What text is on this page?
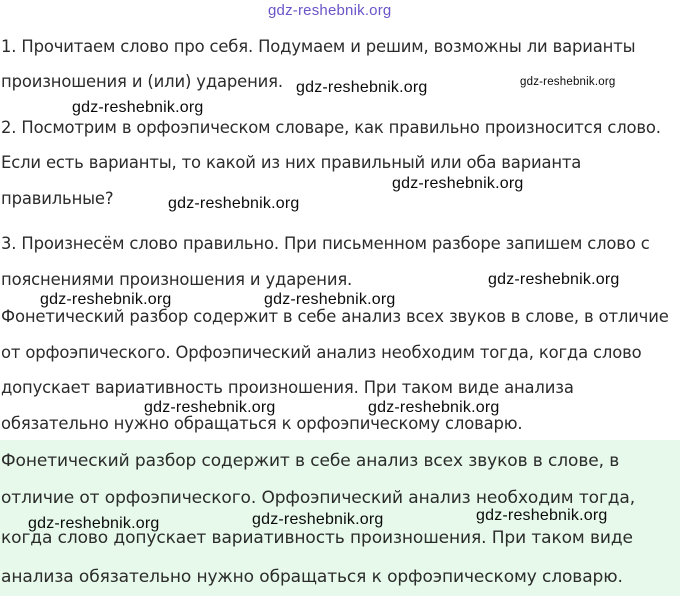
gdz-reshebnik.org
1. Прочитаем слово про себя. Подумаем и решим, возможны ли варианты
произношения и (или) ударения. gdz-reshebnik.org	gdz-reshebnik.org
gdz-reshebnik.org
2. Посмотрим в орфоэпическом словаре, как правильно произносится слово.
Если есть варианты, то какой из них правильный или оба варианта
gdz-reshebnik.org
правильные?	gdz-reshebnik.org
3. Произнесём слово правильно. При письменном разборе запишем слово с
пояснениями произношения и ударения.	gdz-reshebnik.org
gdz-reshebnik.org	gdz-reshebnik.org
Фонетический разбор содержит в себе анализ всех звуков в слове, в отличие
от орфоэпического. Орфоэпический анализ необходим тогда, когда слово
допускает вариативность произношения. При таком виде анализа
gdz-reshebnik.org	gdz-reshebnik.org
обязательно нужно обращаться к орфоэпическому словарю.
Фонетический разбор содержит в себе анализ всех звуков в слове, в
отличие от орфоэпического. Орфоэпический анализ необходим тогда,
gdz-reshebnik.org
gdz-reshebnik.org	gdz-reshebnik.org
когда слово допускает вариативность произношения. При таком виде
анализа обязательно нужно обращаться к орфоэпическому словарю.
